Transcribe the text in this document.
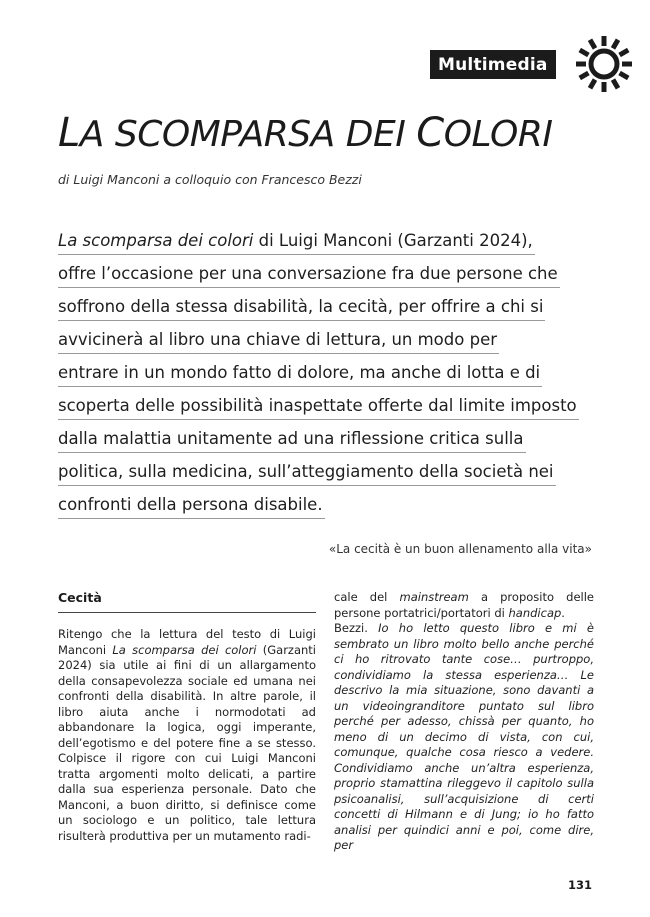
Multimedia
LA SCOMPARSA DEI COLORI
di Luigi Manconi a colloquio con Francesco Bezzi
La scomparsa dei colori di Luigi Manconi (Garzanti 2024),
offre l’occasione per una conversazione fra due persone che
soffrono della stessa disabilità, la cecità, per offrire a chi si
avvicinerà al libro una chiave di lettura, un modo per
entrare in un mondo fatto di dolore, ma anche di lotta e di
scoperta delle possibilità inaspettate offerte dal limite imposto
dalla malattia unitamente ad una riflessione critica sulla
politica, sulla medicina, sull’atteggiamento della società nei
confronti della persona disabile.
«La cecità è un buon allenamento alla vita»
Cecità

Ritengo che la lettura del testo di Luigi Manconi La scomparsa dei colori (Garzanti 2024) sia utile ai fini di un allargamento della consapevolezza sociale ed umana nei confronti della disabilità. In altre parole, il libro aiuta anche i normodotati ad abbandonare la logica, oggi imperante, dell’egotismo e del potere fine a se stesso. Colpisce il rigore con cui Luigi Manconi tratta argomenti molto delicati, a partire dalla sua esperienza personale. Dato che Manconi, a buon diritto, si definisce come un sociologo e un politico, tale lettura risulterà produttiva per un mutamento radi-

cale del mainstream a proposito delle persone portatrici/portatori di handicap.

Bezzi. Io ho letto questo libro e mi è sembrato un libro molto bello anche perché ci ho ritrovato tante cose… purtroppo, condividiamo la stessa esperienza… Le descrivo la mia situazione, sono davanti a un videoingranditore puntato sul libro perché per adesso, chissà per quanto, ho meno di un decimo di vista, con cui, comunque, qualche cosa riesco a vedere. Condividiamo anche un’altra esperienza, proprio stamattina rileggevo il capitolo sulla psicoanalisi, sull’acquisizione di certi concetti di Hilmann e di Jung; io ho fatto analisi per quindici anni e poi, come dire, per

131
